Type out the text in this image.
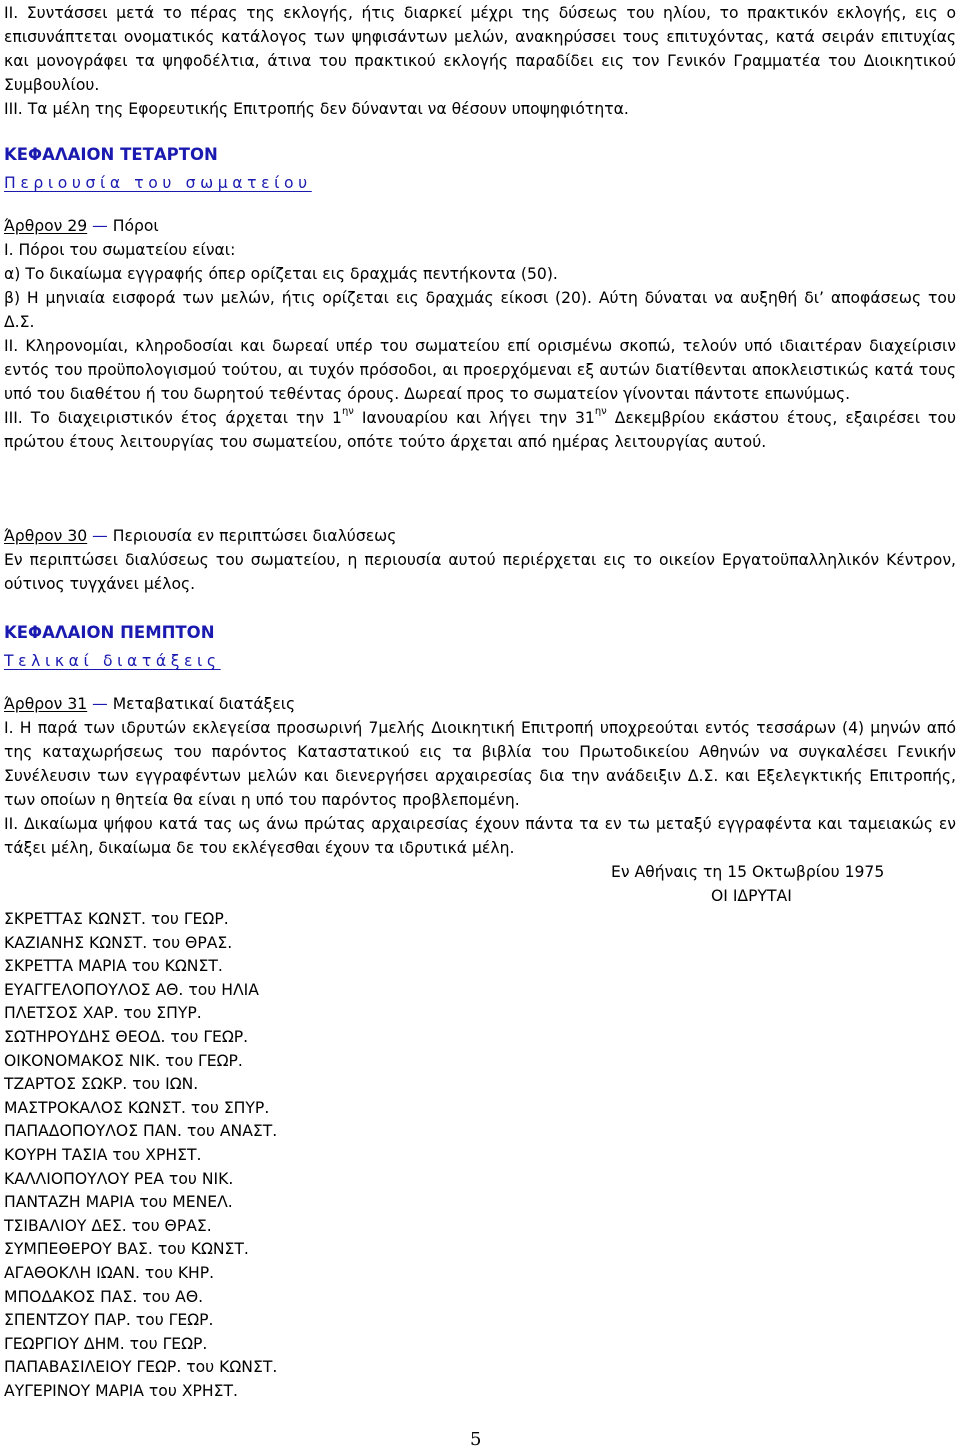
ΙΙ. Συντάσσει μετά το πέρας της εκλογής, ήτις διαρκεί μέχρι της δύσεως του ηλίου, το πρακτικόν εκλογής, εις ο επισυνάπτεται ονοματικός κατάλογος των ψηφισάντων μελών, ανακηρύσσει τους επιτυχόντας, κατά σειράν επιτυχίας και μονογράφει τα ψηφοδέλτια, άτινα του πρακτικού εκλογής παραδίδει εις τον Γενικόν Γραμματέα του Διοικητικού Συμβουλίου.

ΙΙΙ. Τα μέλη της Εφορευτικής Επιτροπής δεν δύνανται να θέσουν υποψηφιότητα.

ΚΕΦΑΛΑΙΟΝ ΤΕΤΑΡΤΟΝ

Περιουσία του σωματείου

Άρθρον 29 — Πόροι

Ι. Πόροι του σωματείου είναι:

α) Το δικαίωμα εγγραφής όπερ ορίζεται εις δραχμάς πεντήκοντα (50).

β) Η μηνιαία εισφορά των μελών, ήτις ορίζεται εις δραχμάς είκοσι (20). Αύτη δύναται να αυξηθή δι’ αποφάσεως του Δ.Σ.

ΙΙ. Κληρονομίαι, κληροδοσίαι και δωρεαί υπέρ του σωματείου επί ορισμένω σκοπώ, τελούν υπό ιδιαιτέραν διαχείρισιν εντός του προϋπολογισμού τούτου, αι τυχόν πρόσοδοι, αι προερχόμεναι εξ αυτών διατίθενται αποκλειστικώς κατά τους υπό του διαθέτου ή του δωρητού τεθέντας όρους. Δωρεαί προς το σωματείον γίνονται πάντοτε επωνύμως.

ΙΙΙ. Το διαχειριστικόν έτος άρχεται την $1^{\eta\nu}$ Ιανουαρίου και λήγει την $31^{\eta\nu}$ Δεκεμβρίου εκάστου έτους, εξαιρέσει του πρώτου έτους λειτουργίας του σωματείου, οπότε τούτο άρχεται από ημέρας λειτουργίας αυτού.

Άρθρον 30 — Περιουσία εν περιπτώσει διαλύσεως

Εν περιπτώσει διαλύσεως του σωματείου, η περιουσία αυτού περιέρχεται εις το οικείον Εργατοϋπαλληλικόν Κέντρον, ούτινος τυγχάνει μέλος.

ΚΕΦΑΛΑΙΟΝ ΠΕΜΠΤΟΝ

Τελικαί διατάξεις

Άρθρον 31 — Μεταβατικαί διατάξεις

Ι. Η παρά των ιδρυτών εκλεγείσα προσωρινή 7μελής Διοικητική Επιτροπή υποχρεούται εντός τεσσάρων (4) μηνών από της καταχωρήσεως του παρόντος Καταστατικού εις τα βιβλία του Πρωτοδικείου Αθηνών να συγκαλέσει Γενικήν Συνέλευσιν των εγγραφέντων μελών και διενεργήσει αρχαιρεσίας δια την ανάδειξιν Δ.Σ. και Εξελεγκτικής Επιτροπής, των οποίων η θητεία θα είναι η υπό του παρόντος προβλεπομένη.

ΙΙ. Δικαίωμα ψήφου κατά τας ως άνω πρώτας αρχαιρεσίας έχουν πάντα τα εν τω μεταξύ εγγραφέντα και ταμειακώς εν τάξει μέλη, δικαίωμα δε του εκλέγεσθαι έχουν τα ιδρυτικά μέλη.

Εν Αθήναις τη 15 Οκτωβρίου 1975
ΟΙ ΙΔΡΥΤΑΙ
ΣΚΡΕΤΤΑΣ ΚΩΝΣΤ. του ΓΕΩΡ.
ΚΑΖΙΑΝΗΣ ΚΩΝΣΤ. του ΘΡΑΣ.
ΣΚΡΕΤΤΑ ΜΑΡΙΑ του ΚΩΝΣΤ.
ΕΥΑΓΓΕΛΟΠΟΥΛΟΣ ΑΘ. του ΗΛΙΑ
ΠΛΕΤΣΟΣ ΧΑΡ. του ΣΠΥΡ.
ΣΩΤΗΡΟΥΔΗΣ ΘΕΟΔ. του ΓΕΩΡ.
ΟΙΚΟΝΟΜΑΚΟΣ ΝΙΚ. του ΓΕΩΡ.
ΤΖΑΡΤΟΣ ΣΩΚΡ. του ΙΩΝ.
ΜΑΣΤΡΟΚΑΛΟΣ ΚΩΝΣΤ. του ΣΠΥΡ.
ΠΑΠΑΔΟΠΟΥΛΟΣ ΠΑΝ. του ΑΝΑΣΤ.
ΚΟΥΡΗ ΤΑΣΙΑ του ΧΡΗΣΤ.
ΚΑΛΛΙΟΠΟΥΛΟΥ ΡΕΑ του ΝΙΚ.
ΠΑΝΤΑΖΗ ΜΑΡΙΑ του ΜΕΝΕΛ.
ΤΣΙΒΑΛΙΟΥ ΔΕΣ. του ΘΡΑΣ.
ΣΥΜΠΕΘΕΡΟΥ ΒΑΣ. του ΚΩΝΣΤ.
ΑΓΑΘΟΚΛΗ ΙΩΑΝ. του ΚΗΡ.
ΜΠΟΔΑΚΟΣ ΠΑΣ. του ΑΘ.
ΣΠΕΝΤΖΟΥ ΠΑΡ. του ΓΕΩΡ.
ΓΕΩΡΓΙΟΥ ΔΗΜ. του ΓΕΩΡ.
ΠΑΠΑΒΑΣΙΛΕΙΟΥ ΓΕΩΡ. του ΚΩΝΣΤ.
ΑΥΓΕΡΙΝΟΥ ΜΑΡΙΑ του ΧΡΗΣΤ.
5
